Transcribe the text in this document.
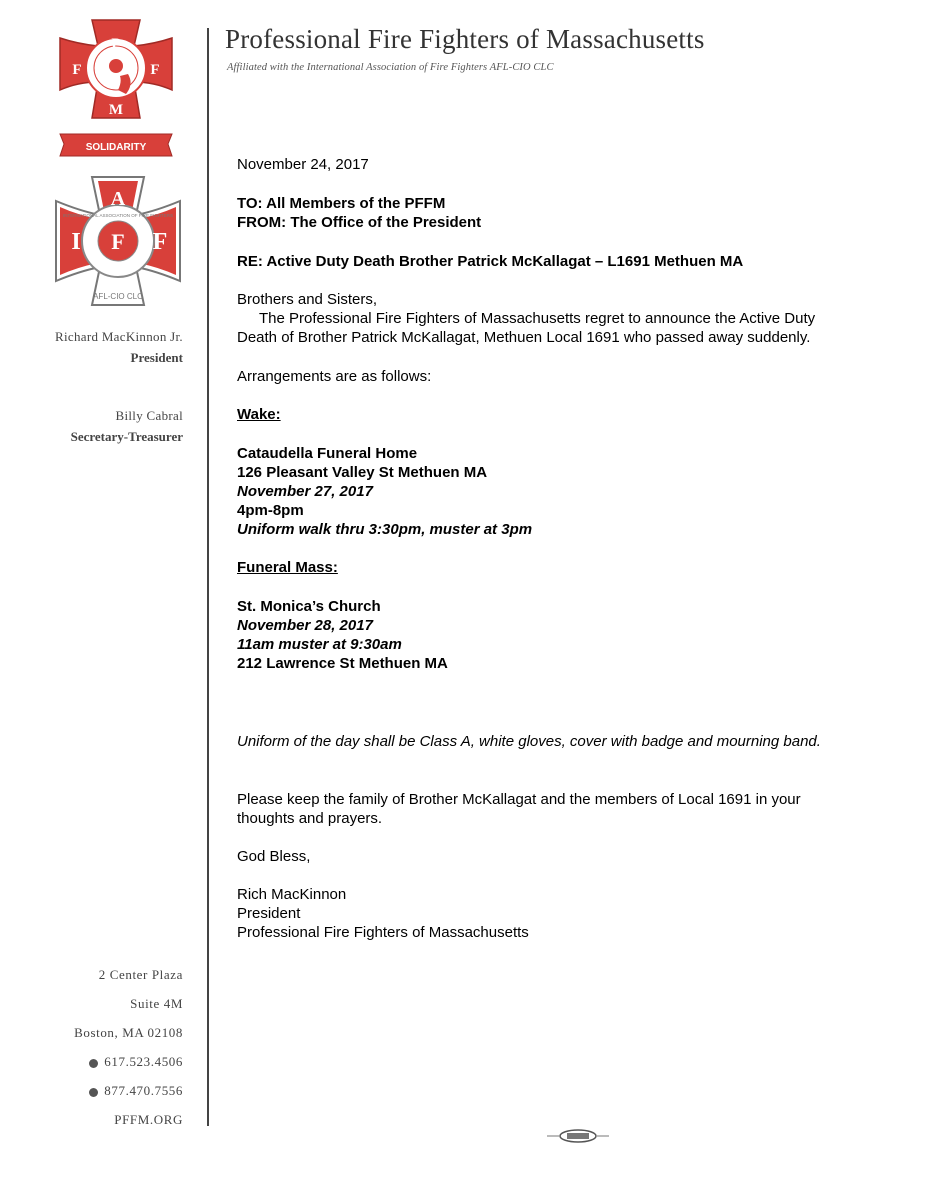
Professional Fire Fighters of Massachusetts
Affiliated with the International Association of Fire Fighters AFL-CIO CLC
P
F	F
M
SOLIDARITY
AFL-CIO CLC
A
I F F
INTERNATIONAL ASSOCIATION OF FIRE FIGHTERS
Richard MacKinnon Jr.
President
Billy Cabral
Secretary-Treasurer
2 Center Plaza
Suite 4M
Boston, MA 02108
617.523.4506
877.470.7556
PFFM.ORG
November 24, 2017
TO: All Members of the PFFM
FROM: The Office of the President
RE: Active Duty Death Brother Patrick McKallagat – L1691 Methuen MA
Brothers and Sisters,
The Professional Fire Fighters of Massachusetts regret to announce the Active Duty
Death of Brother Patrick McKallagat, Methuen Local 1691 who passed away suddenly.
Arrangements are as follows:
Wake:
Cataudella Funeral Home
126 Pleasant Valley St Methuen MA
November 27, 2017
4pm-8pm
Uniform walk thru 3:30pm, muster at 3pm
Funeral Mass:
St. Monica’s Church
November 28, 2017
11am muster at 9:30am
212 Lawrence St Methuen MA
Uniform of the day shall be Class A, white gloves, cover with badge and mourning band.
Please keep the family of Brother McKallagat and the members of Local 1691 in your
thoughts and prayers.
God Bless,
Rich MacKinnon
President
Professional Fire Fighters of Massachusetts
